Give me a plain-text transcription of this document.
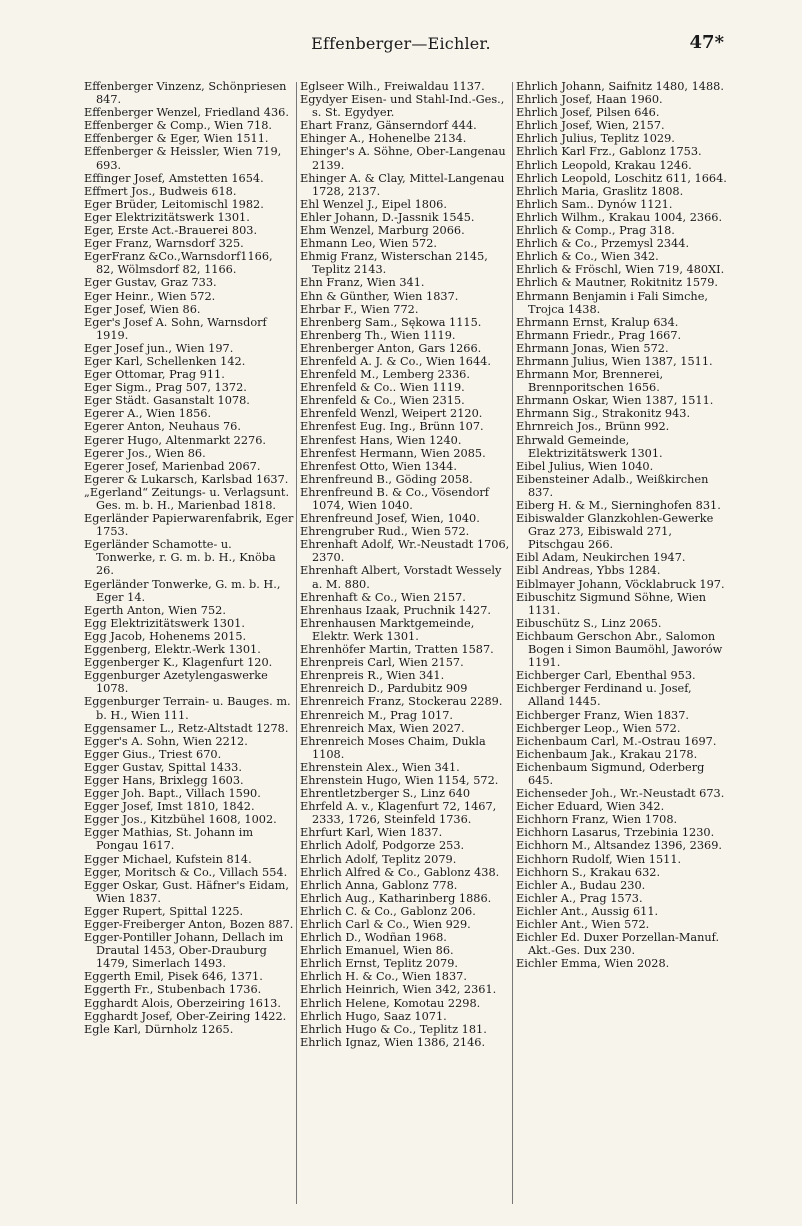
Effenberger—Eichler.	47*
Effenberger Vinzenz, Schönpriesen 847.
Effenberger Wenzel, Friedland 436.
Effenberger & Comp., Wien 718.
Effenberger & Eger, Wien 1511.
Effenberger & Heissler, Wien 719, 693.
Effinger Josef, Amstetten 1654.
Effmert Jos., Budweis 618.
Eger Brüder, Leitomischl 1982.
Eger Elektrizitätswerk 1301.
Eger, Erste Act.-Brauerei 803.
Eger Franz, Warnsdorf 325.
EgerFranz &Co.,Warnsdorf1166, 82, Wölmsdorf 82, 1166.
Eger Gustav, Graz 733.
Eger Heinr., Wien 572.
Eger Josef, Wien 86.
Eger's Josef A. Sohn, Warnsdorf 1919.
Eger Josef jun., Wien 197.
Eger Karl, Schellenken 142.
Eger Ottomar, Prag 911.
Eger Sigm., Prag 507, 1372.
Eger Städt. Gasanstalt 1078.
Egerer A., Wien 1856.
Egerer Anton, Neuhaus 76.
Egerer Hugo, Altenmarkt 2276.
Egerer Jos., Wien 86.
Egerer Josef, Marienbad 2067.
Egerer & Lukarsch, Karlsbad 1637.
„Egerland“ Zeitungs- u. Verlagsunt. Ges. m. b. H., Marienbad 1818.
Egerländer Papierwarenfabrik, Eger 1753.
Egerländer Schamotte- u. Tonwerke, r. G. m. b. H., Knöba 26.
Egerländer Tonwerke, G. m. b. H., Eger 14.
Egerth Anton, Wien 752.
Egg Elektrizitätswerk 1301.
Egg Jacob, Hohenems 2015.
Eggenberg, Elektr.-Werk 1301.
Eggenberger K., Klagenfurt 120.
Eggenburger Azetylengaswerke 1078.
Eggenburger Terrain- u. Bauges. m. b. H., Wien 111.
Eggensamer L., Retz-Altstadt 1278.
Egger's A. Sohn, Wien 2212.
Egger Gius., Triest 670.
Egger Gustav, Spittal 1433.
Egger Hans, Brixlegg 1603.
Egger Joh. Bapt., Villach 1590.
Egger Josef, Imst 1810, 1842.
Egger Jos., Kitzbühel 1608, 1002.
Egger Mathias, St. Johann im Pongau 1617.
Egger Michael, Kufstein 814.
Egger, Moritsch & Co., Villach 554.
Egger Oskar, Gust. Häfner's Eidam, Wien 1837.
Egger Rupert, Spittal 1225.
Egger-Freiberger Anton, Bozen 887.
Egger-Pontiller Johann, Dellach im Drautal 1453, Ober-Drauburg 1479, Simerlach 1493.
Eggerth Emil, Pisek 646, 1371.
Eggerth Fr., Stubenbach 1736.
Egghardt Alois, Oberzeiring 1613.
Egghardt Josef, Ober-Zeiring 1422.
Egle Karl, Dürnholz 1265.
Eglseer Wilh., Freiwaldau 1137.
Egydyer Eisen- und Stahl-Ind.-Ges., s. St. Egydyer.
Ehart Franz, Gänserndorf 444.
Ehinger A., Hohenelbe 2134.
Ehinger's A. Söhne, Ober-Langenau 2139.
Ehinger A. & Clay, Mittel-Langenau 1728, 2137.
Ehl Wenzel J., Eipel 1806.
Ehler Johann, D.-Jassnik 1545.
Ehm Wenzel, Marburg 2066.
Ehmann Leo, Wien 572.
Ehmig Franz, Wisterschan 2145, Teplitz 2143.
Ehn Franz, Wien 341.
Ehn & Günther, Wien 1837.
Ehrbar F., Wien 772.
Ehrenberg Sam., Sękowa 1115.
Ehrenberg Th., Wien 1119.
Ehrenberger Anton, Gars 1266.
Ehrenfeld A. J. & Co., Wien 1644.
Ehrenfeld M., Lemberg 2336.
Ehrenfeld & Co.. Wien 1119.
Ehrenfeld & Co., Wien 2315.
Ehrenfeld Wenzl, Weipert 2120.
Ehrenfest Eug. Ing., Brünn 107.
Ehrenfest Hans, Wien 1240.
Ehrenfest Hermann, Wien 2085.
Ehrenfest Otto, Wien 1344.
Ehrenfreund B., Göding 2058.
Ehrenfreund B. & Co., Vösendorf 1074, Wien 1040.
Ehrenfreund Josef, Wien, 1040.
Ehrengruber Rud., Wien 572.
Ehrenhaft Adolf, Wr.-Neustadt 1706, 2370.
Ehrenhaft Albert, Vorstadt Wessely a. M. 880.
Ehrenhaft & Co., Wien 2157.
Ehrenhaus Izaak, Pruchnik 1427.
Ehrenhausen Marktgemeinde, Elektr. Werk 1301.
Ehrenhöfer Martin, Tratten 1587.
Ehrenpreis Carl, Wien 2157.
Ehrenpreis R., Wien 341.
Ehrenreich D., Pardubitz 909
Ehrenreich Franz, Stockerau 2289.
Ehrenreich M., Prag 1017.
Ehrenreich Max, Wien 2027.
Ehrenreich Moses Chaim, Dukla 1108.
Ehrenstein Alex., Wien 341.
Ehrenstein Hugo, Wien 1154, 572.
Ehrentletzberger S., Linz 640
Ehrfeld A. v., Klagenfurt 72, 1467, 2333, 1726, Steinfeld 1736.
Ehrfurt Karl, Wien 1837.
Ehrlich Adolf, Podgorze 253.
Ehrlich Adolf, Teplitz 2079.
Ehrlich Alfred & Co., Gablonz 438.
Ehrlich Anna, Gablonz 778.
Ehrlich Aug., Katharinberg 1886.
Ehrlich C. & Co., Gablonz 206.
Ehrlich Carl & Co., Wien 929.
Ehrlich D., Wodñan 1968.
Ehrlich Emanuel, Wien 86.
Ehrlich Ernst, Teplitz 2079.
Ehrlich H. & Co., Wien 1837.
Ehrlich Heinrich, Wien 342, 2361.
Ehrlich Helene, Komotau 2298.
Ehrlich Hugo, Saaz 1071.
Ehrlich Hugo & Co., Teplitz 181.
Ehrlich Ignaz, Wien 1386, 2146.
Ehrlich Johann, Saifnitz 1480, 1488.
Ehrlich Josef, Haan 1960.
Ehrlich Josef, Pilsen 646.
Ehrlich Josef, Wien, 2157.
Ehrlich Julius, Teplitz 1029.
Ehrlich Karl Frz., Gablonz 1753.
Ehrlich Leopold, Krakau 1246.
Ehrlich Leopold, Loschitz 611, 1664.
Ehrlich Maria, Graslitz 1808.
Ehrlich Sam.. Dynów 1121.
Ehrlich Wilhm., Krakau 1004, 2366.
Ehrlich & Comp., Prag 318.
Ehrlich & Co., Przemysl 2344.
Ehrlich & Co., Wien 342.
Ehrlich & Fröschl, Wien 719, 480XI.
Ehrlich & Mautner, Rokitnitz 1579.
Ehrmann Benjamin i Fali Simche, Trojca 1438.
Ehrmann Ernst, Kralup 634.
Ehrmann Friedr., Prag 1667.
Ehrmann Jonas, Wien 572.
Ehrmann Julius, Wien 1387, 1511.
Ehrmann Mor, Brennerei, Brennporitschen 1656.
Ehrmann Oskar, Wien 1387, 1511.
Ehrmann Sig., Strakonitz 943.
Ehrnreich Jos., Brünn 992.
Ehrwald Gemeinde, Elektrizitätswerk 1301.
Eibel Julius, Wien 1040.
Eibensteiner Adalb., Weißkirchen 837.
Eiberg H. & M., Sierninghofen 831.
Eibiswalder Glanzkohlen-Gewerke Graz 273, Eibiswald 271, Pitschgau 266.
Eibl Adam, Neukirchen 1947.
Eibl Andreas, Ybbs 1284.
Eiblmayer Johann, Vöcklabruck 197.
Eibuschitz Sigmund Söhne, Wien 1131.
Eibuschütz S., Linz 2065.
Eichbaum Gerschon Abr., Salomon Bogen i Simon Baumöhl, Jaworów 1191.
Eichberger Carl, Ebenthal 953.
Eichberger Ferdinand u. Josef, Alland 1445.
Eichberger Franz, Wien 1837.
Eichberger Leop., Wien 572.
Eichenbaum Carl, M.-Ostrau 1697.
Eichenbaum Jak., Krakau 2178.
Eichenbaum Sigmund, Oderberg 645.
Eichenseder Joh., Wr.-Neustadt 673.
Eicher Eduard, Wien 342.
Eichhorn Franz, Wien 1708.
Eichhorn Lasarus, Trzebinia 1230.
Eichhorn M., Altsandez 1396, 2369.
Eichhorn Rudolf, Wien 1511.
Eichhorn S., Krakau 632.
Eichler A., Budau 230.
Eichler A., Prag 1573.
Eichler Ant., Aussig 611.
Eichler Ant., Wien 572.
Eichler Ed. Duxer Porzellan-Manuf. Akt.-Ges. Dux 230.
Eichler Emma, Wien 2028.
